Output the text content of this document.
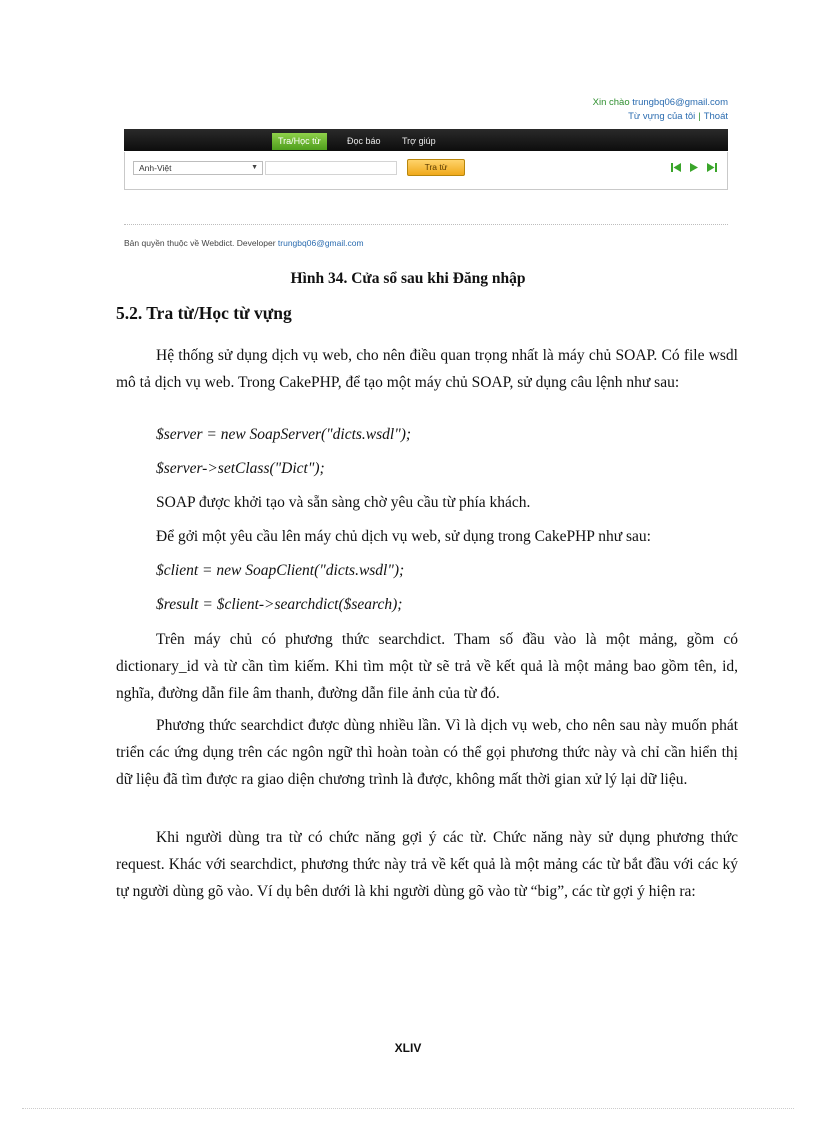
Xin chào trungbq06@gmail.com
Từ vựng của tôi | Thoát
Tra/Học từ	Đọc báo	Trợ giúp
Anh-Việt	▼	Tra từ

Bản quyền thuộc về Webdict. Developer trungbq06@gmail.com
Hình 34. Cửa sổ sau khi Đăng nhập
5.2. Tra từ/Học từ vựng

Hệ thống sử dụng dịch vụ web, cho nên điều quan trọng nhất là máy chủ SOAP. Có file wsdl mô tả dịch vụ web. Trong CakePHP, để tạo một máy chủ SOAP, sử dụng câu lệnh như sau:

$server = new SoapServer("dicts.wsdl");
$server->setClass("Dict");
SOAP được khởi tạo và sẵn sàng chờ yêu cầu từ phía khách.
Để gởi một yêu cầu lên máy chủ dịch vụ web, sử dụng trong CakePHP như sau:
$client = new SoapClient("dicts.wsdl");
$result = $client->searchdict($search);

Trên máy chủ có phương thức searchdict. Tham số đầu vào là một mảng, gồm có dictionary_id và từ cần tìm kiếm. Khi tìm một từ sẽ trả về kết quả là một mảng bao gồm tên, id, nghĩa, đường dẫn file âm thanh, đường dẫn file ảnh của từ đó.

Phương thức searchdict được dùng nhiều lần. Vì là dịch vụ web, cho nên sau này muốn phát triển các ứng dụng trên các ngôn ngữ thì hoàn toàn có thể gọi phương thức này và chỉ cần hiển thị dữ liệu đã tìm được ra giao diện chương trình là được, không mất thời gian xử lý lại dữ liệu.

Khi người dùng tra từ có chức năng gợi ý các từ. Chức năng này sử dụng phương thức request. Khác với searchdict, phương thức này trả về kết quả là một mảng các từ bắt đầu với các ký tự người dùng gõ vào. Ví dụ bên dưới là khi người dùng gõ vào từ “big”, các từ gợi ý hiện ra:

XLIV
